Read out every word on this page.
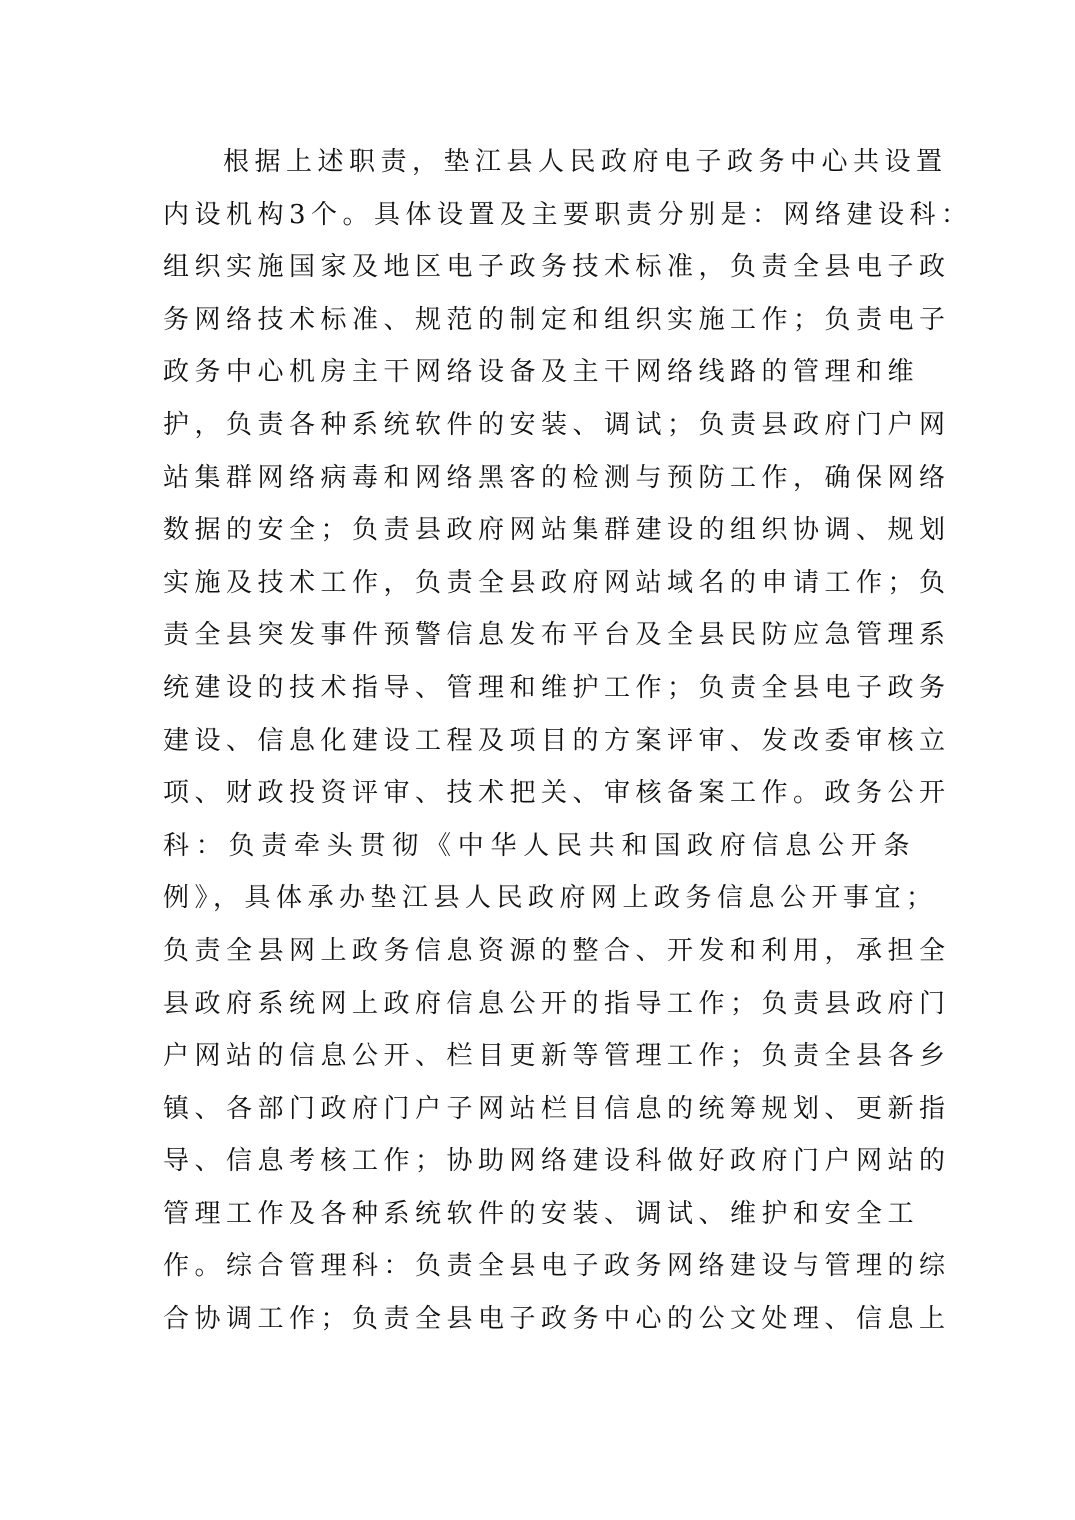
根据上述职责，垫江县人民政府电子政务中心共设置
内设机构3个。具体设置及主要职责分别是：网络建设科：
组织实施国家及地区电子政务技术标准，负责全县电子政
务网络技术标准、规范的制定和组织实施工作；负责电子
政务中心机房主干网络设备及主干网络线路的管理和维
护，负责各种系统软件的安装、调试；负责县政府门户网
站集群网络病毒和网络黑客的检测与预防工作，确保网络
数据的安全；负责县政府网站集群建设的组织协调、规划
实施及技术工作，负责全县政府网站域名的申请工作；负
责全县突发事件预警信息发布平台及全县民防应急管理系
统建设的技术指导、管理和维护工作；负责全县电子政务
建设、信息化建设工程及项目的方案评审、发改委审核立
项、财政投资评审、技术把关、审核备案工作。政务公开
科：负责牵头贯彻《中华人民共和国政府信息公开条
例》，具体承办垫江县人民政府网上政务信息公开事宜；
负责全县网上政务信息资源的整合、开发和利用，承担全
县政府系统网上政府信息公开的指导工作；负责县政府门
户网站的信息公开、栏目更新等管理工作；负责全县各乡
镇、各部门政府门户子网站栏目信息的统筹规划、更新指
导、信息考核工作；协助网络建设科做好政府门户网站的
管理工作及各种系统软件的安装、调试、维护和安全工
作。综合管理科：负责全县电子政务网络建设与管理的综
合协调工作；负责全县电子政务中心的公文处理、信息上
